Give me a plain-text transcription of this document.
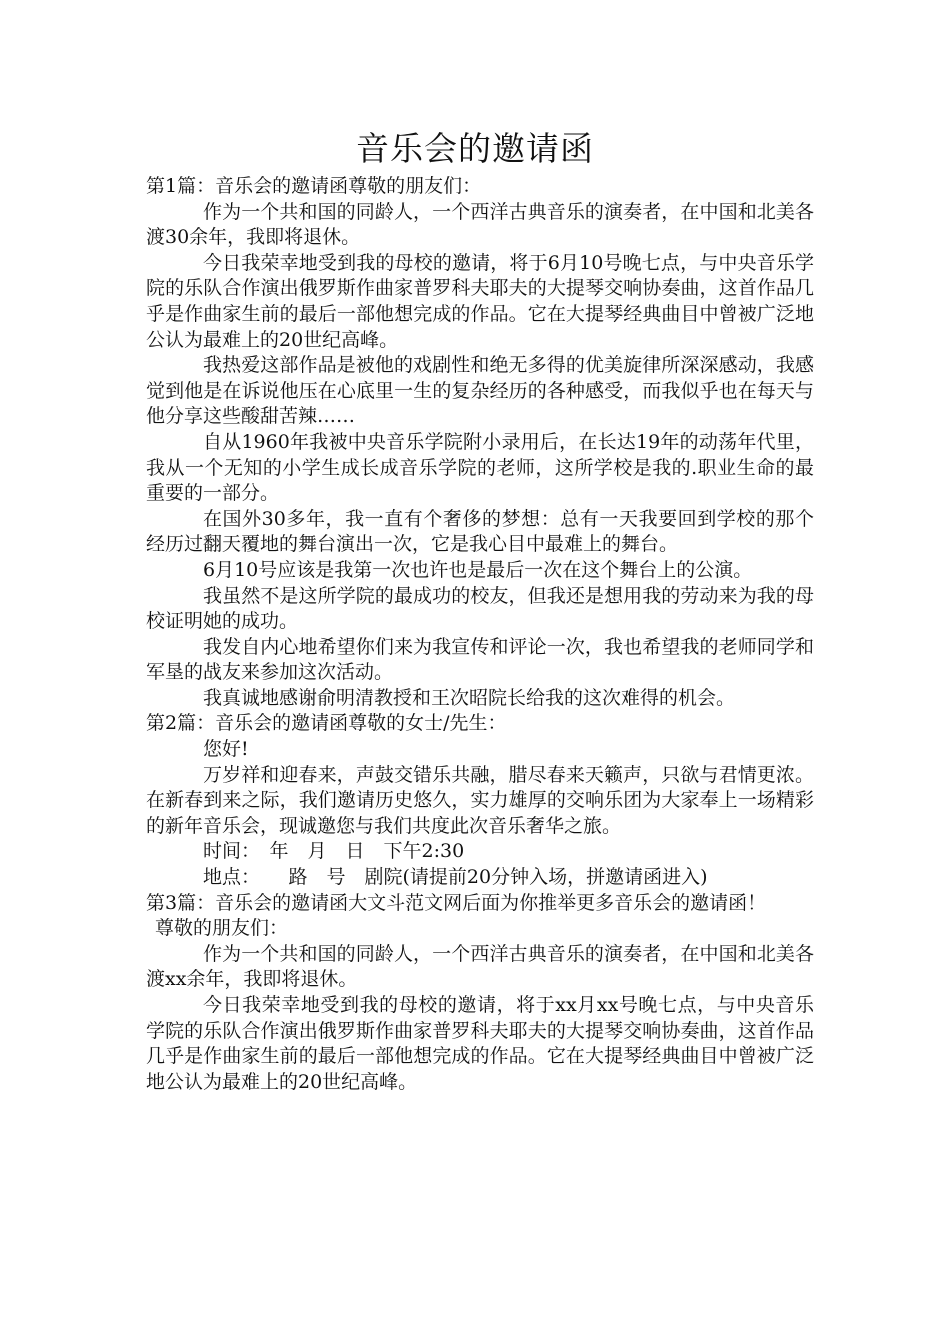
音乐会的邀请函

第1篇：音乐会的邀请函尊敬的朋友们：

作为一个共和国的同龄人，一个西洋古典音乐的演奏者，在中国和北美各渡30余年，我即将退休。

今日我荣幸地受到我的母校的邀请，将于6月10号晚七点，与中央音乐学院的乐队合作演出俄罗斯作曲家普罗科夫耶夫的大提琴交响协奏曲，这首作品几乎是作曲家生前的最后一部他想完成的作品。它在大提琴经典曲目中曾被广泛地公认为最难上的20世纪高峰。

我热爱这部作品是被他的戏剧性和绝无多得的优美旋律所深深感动，我感觉到他是在诉说他压在心底里一生的复杂经历的各种感受，而我似乎也在每天与他分享这些酸甜苦辣……

自从1960年我被中央音乐学院附小录用后，在长达19年的动荡年代里，我从一个无知的小学生成长成音乐学院的老师，这所学校是我的.职业生命的最重要的一部分。

在国外30多年，我一直有个奢侈的梦想：总有一天我要回到学校的那个经历过翻天覆地的舞台演出一次，它是我心目中最难上的舞台。

6月10号应该是我第一次也许也是最后一次在这个舞台上的公演。

我虽然不是这所学院的最成功的校友，但我还是想用我的劳动来为我的母校证明她的成功。

我发自内心地希望你们来为我宣传和评论一次，我也希望我的老师同学和军垦的战友来参加这次活动。

我真诚地感谢俞明清教授和王次昭院长给我的这次难得的机会。

第2篇：音乐会的邀请函尊敬的女士/先生：

您好!

万岁祥和迎春来，声鼓交错乐共融，腊尽春来天籁声，只欲与君情更浓。在新春到来之际，我们邀请历史悠久，实力雄厚的交响乐团为大家奉上一场精彩的新年音乐会，现诚邀您与我们共度此次音乐奢华之旅。

时间：　年　月　日　下午2:30

地点：　　路　号　剧院(请提前20分钟入场，拼邀请函进入)

第3篇：音乐会的邀请函大文斗范文网后面为你推举更多音乐会的邀请函！

尊敬的朋友们：

作为一个共和国的同龄人，一个西洋古典音乐的演奏者，在中国和北美各渡xx余年，我即将退休。

今日我荣幸地受到我的母校的邀请，将于xx月xx号晚七点，与中央音乐学院的乐队合作演出俄罗斯作曲家普罗科夫耶夫的大提琴交响协奏曲，这首作品几乎是作曲家生前的最后一部他想完成的作品。它在大提琴经典曲目中曾被广泛地公认为最难上的20世纪高峰。
